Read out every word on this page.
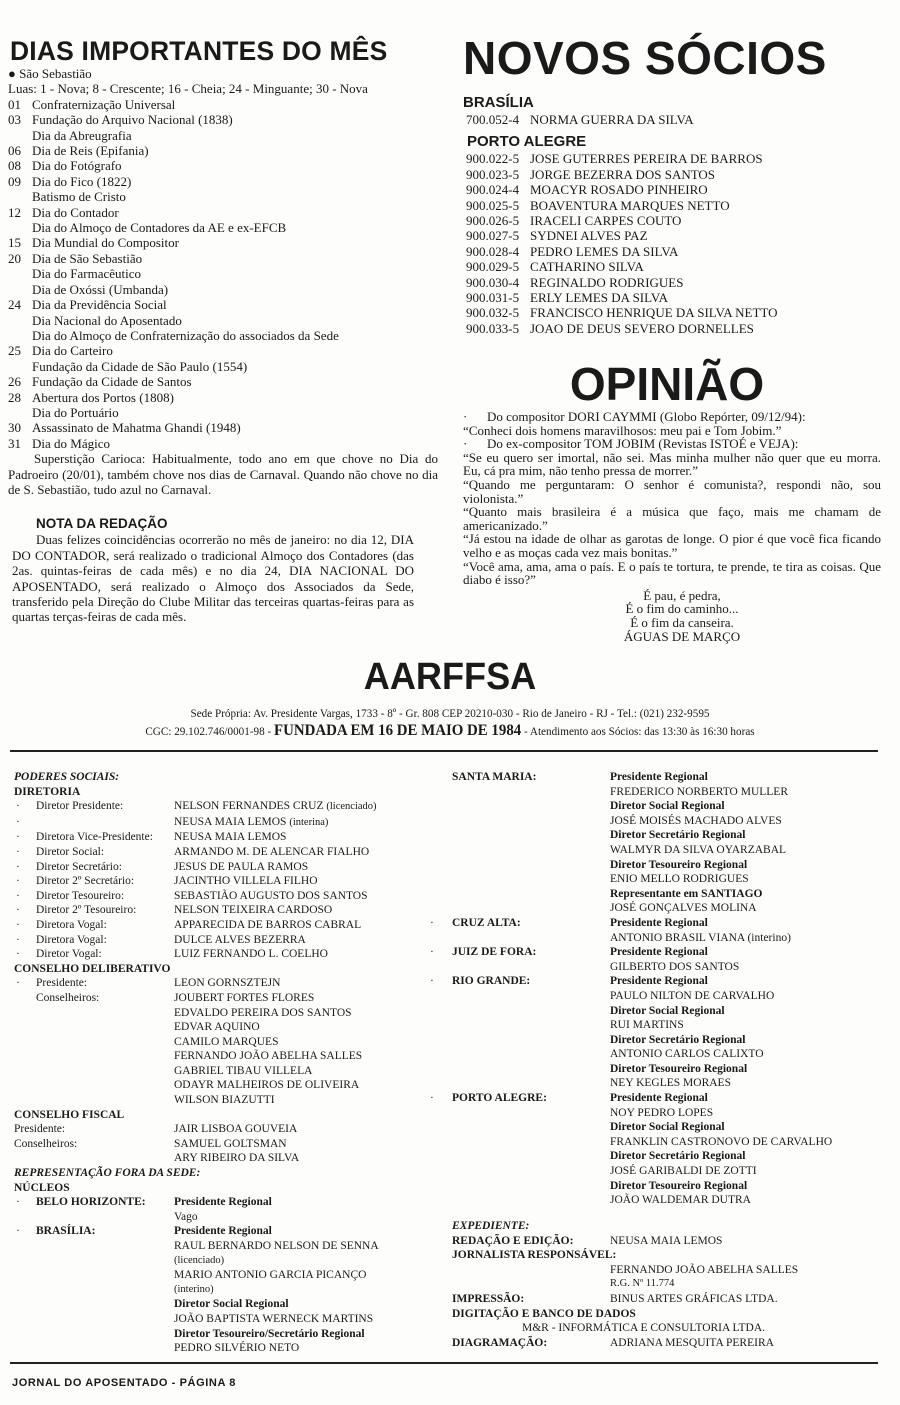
DIAS IMPORTANTES DO MÊS
● São Sebastião
Luas: 1 - Nova; 8 - Crescente; 16 - Cheia; 24 - Minguante; 30 - Nova
01 Confraternização Universal
03 Fundação do Arquivo Nacional (1838)
Dia da Abreugrafia
06 Dia de Reis (Epifania)
08 Dia do Fotógrafo
09 Dia do Fico (1822)
Batismo de Cristo
12 Dia do Contador
Dia do Almoço de Contadores da AE e ex-EFCB
15 Dia Mundial do Compositor
20 Dia de São Sebastião
Dia do Farmacêutico
Dia de Oxóssi (Umbanda)
24 Dia da Previdência Social
Dia Nacional do Aposentado
Dia do Almoço de Confraternização do associados da Sede
25 Dia do Carteiro
Fundação da Cidade de São Paulo (1554)
26 Fundação da Cidade de Santos
28 Abertura dos Portos (1808)
Dia do Portuário
30 Assassinato de Mahatma Ghandi (1948)
31 Dia do Mágico
Superstição Carioca: Habitualmente, todo ano em que chove no Dia do Padroeiro (20/01), também chove nos dias de Carnaval. Quando não chove no dia de S. Sebastião, tudo azul no Carnaval.
NOTA DA REDAÇÃO

Duas felizes coincidências ocorrerão no mês de janeiro: no dia 12, DIA DO CONTADOR, será realizado o tradicional Almoço dos Contadores (das 2as. quintas-feiras de cada mês) e no dia 24, DIA NACIONAL DO APOSENTADO, será realizado o Almoço dos Associados da Sede, transferido pela Direção do Clube Militar das terceiras quartas-feiras para as quartas terças-feiras de cada mês.

NOVOS SÓCIOS
BRASÍLIA
700.052-4 NORMA GUERRA DA SILVA
PORTO ALEGRE
900.022-5 JOSE GUTERRES PEREIRA DE BARROS
900.023-5 JORGE BEZERRA DOS SANTOS
900.024-4 MOACYR ROSADO PINHEIRO
900.025-5 BOAVENTURA MARQUES NETTO
900.026-5 IRACELI CARPES COUTO
900.027-5 SYDNEI ALVES PAZ
900.028-4 PEDRO LEMES DA SILVA
900.029-5 CATHARINO SILVA
900.030-4 REGINALDO RODRIGUES
900.031-5 ERLY LEMES DA SILVA
900.032-5 FRANCISCO HENRIQUE DA SILVA NETTO
900.033-5 JOAO DE DEUS SEVERO DORNELLES
OPINIÃO

· Do compositor DORI CAYMMI (Globo Repórter, 09/12/94):

“Conheci dois homens maravilhosos: meu pai e Tom Jobim.”

· Do ex-compositor TOM JOBIM (Revistas ISTOÉ e VEJA):

“Se eu quero ser imortal, não sei. Mas minha mulher não quer que eu morra. Eu, cá pra mim, não tenho pressa de morrer.”

“Quando me perguntaram: O senhor é comunista?, respondi não, sou violonista.”

“Quanto mais brasileira é a música que faço, mais me chamam de americanizado.”

“Já estou na idade de olhar as garotas de longe. O pior é que você fica ficando velho e as moças cada vez mais bonitas.”

“Você ama, ama, ama o país. E o país te tortura, te prende, te tira as coisas. Que diabo é isso?”

É pau, é pedra,
É o fim do caminho...
É o fim da canseira.
ÁGUAS DE MARÇO
AARFFSA
Sede Própria: Av. Presidente Vargas, 1733 - 8º - Gr. 808 CEP 20210-030 - Rio de Janeiro - RJ - Tel.: (021) 232-9595
CGC: 29.102.746/0001-98 - FUNDADA EM 16 DE MAIO DE 1984 - Atendimento aos Sócios: das 13:30 às 16:30 horas
PODERES SOCIAIS:
DIRETORIA
·	Diretor Presidente:	NELSON FERNANDES CRUZ (licenciado)
·	NEUSA MAIA LEMOS (interina)
·	Diretora Vice-Presidente:	NEUSA MAIA LEMOS
·	Diretor Social:	ARMANDO M. DE ALENCAR FIALHO
·	Diretor Secretário:	JESUS DE PAULA RAMOS
·	Diretor 2º Secretário:	JACINTHO VILLELA FILHO
·	Diretor Tesoureiro:	SEBASTIÃO AUGUSTO DOS SANTOS
·	Diretor 2º Tesoureiro:	NELSON TEIXEIRA CARDOSO
·	Diretora Vogal:	APPARECIDA DE BARROS CABRAL
·	Diretora Vogal:	DULCE ALVES BEZERRA
·	Diretor Vogal:	LUIZ FERNANDO L. COELHO
CONSELHO DELIBERATIVO
·	Presidente:	LEON GORNSZTEJN
Conselheiros:	JOUBERT FORTES FLORES
EDVALDO PEREIRA DOS SANTOS
EDVAR AQUINO
CAMILO MARQUES
FERNANDO JOÃO ABELHA SALLES
GABRIEL TIBAU VILLELA
ODAYR MALHEIROS DE OLIVEIRA
WILSON BIAZUTTI
CONSELHO FISCAL
Presidente:	JAIR LISBOA GOUVEIA
Conselheiros:	SAMUEL GOLTSMAN
ARY RIBEIRO DA SILVA
REPRESENTAÇÃO FORA DA SEDE:
NÚCLEOS
·	BELO HORIZONTE:	Presidente Regional
Vago
·	BRASÍLIA:	Presidente Regional
RAUL BERNARDO NELSON DE SENNA
(licenciado)
MARIO ANTONIO GARCIA PICANÇO
(interino)
Diretor Social Regional
JOÃO BAPTISTA WERNECK MARTINS
Diretor Tesoureiro/Secretário Regional
PEDRO SILVÉRIO NETO
SANTA MARIA:	Presidente Regional
FREDERICO NORBERTO MULLER
Diretor Social Regional
JOSÉ MOISÉS MACHADO ALVES
Diretor Secretário Regional
WALMYR DA SILVA OYARZABAL
Diretor Tesoureiro Regional
ENIO MELLO RODRIGUES
Representante em SANTIAGO
JOSÉ GONÇALVES MOLINA
·	CRUZ ALTA:	Presidente Regional
ANTONIO BRASIL VIANA (interino)
·	JUIZ DE FORA:	Presidente Regional
GILBERTO DOS SANTOS
·	RIO GRANDE:	Presidente Regional
PAULO NILTON DE CARVALHO
Diretor Social Regional
RUI MARTINS
Diretor Secretário Regional
ANTONIO CARLOS CALIXTO
Diretor Tesoureiro Regional
NEY KEGLES MORAES
·	PORTO ALEGRE:	Presidente Regional
NOY PEDRO LOPES
Diretor Social Regional
FRANKLIN CASTRONOVO DE CARVALHO
Diretor Secretário Regional
JOSÉ GARIBALDI DE ZOTTI
Diretor Tesoureiro Regional
JOÃO WALDEMAR DUTRA
EXPEDIENTE:
REDAÇÃO E EDIÇÃO:	NEUSA MAIA LEMOS
JORNALISTA RESPONSÁVEL:
FERNANDO JOÃO ABELHA SALLES
R.G. Nº 11.774
IMPRESSÃO:	BINUS ARTES GRÁFICAS LTDA.
DIGITAÇÃO E BANCO DE DADOS
M&R - INFORMÁTICA E CONSULTORIA LTDA.
DIAGRAMAÇÃO:	ADRIANA MESQUITA PEREIRA
JORNAL DO APOSENTADO - PÁGINA 8
